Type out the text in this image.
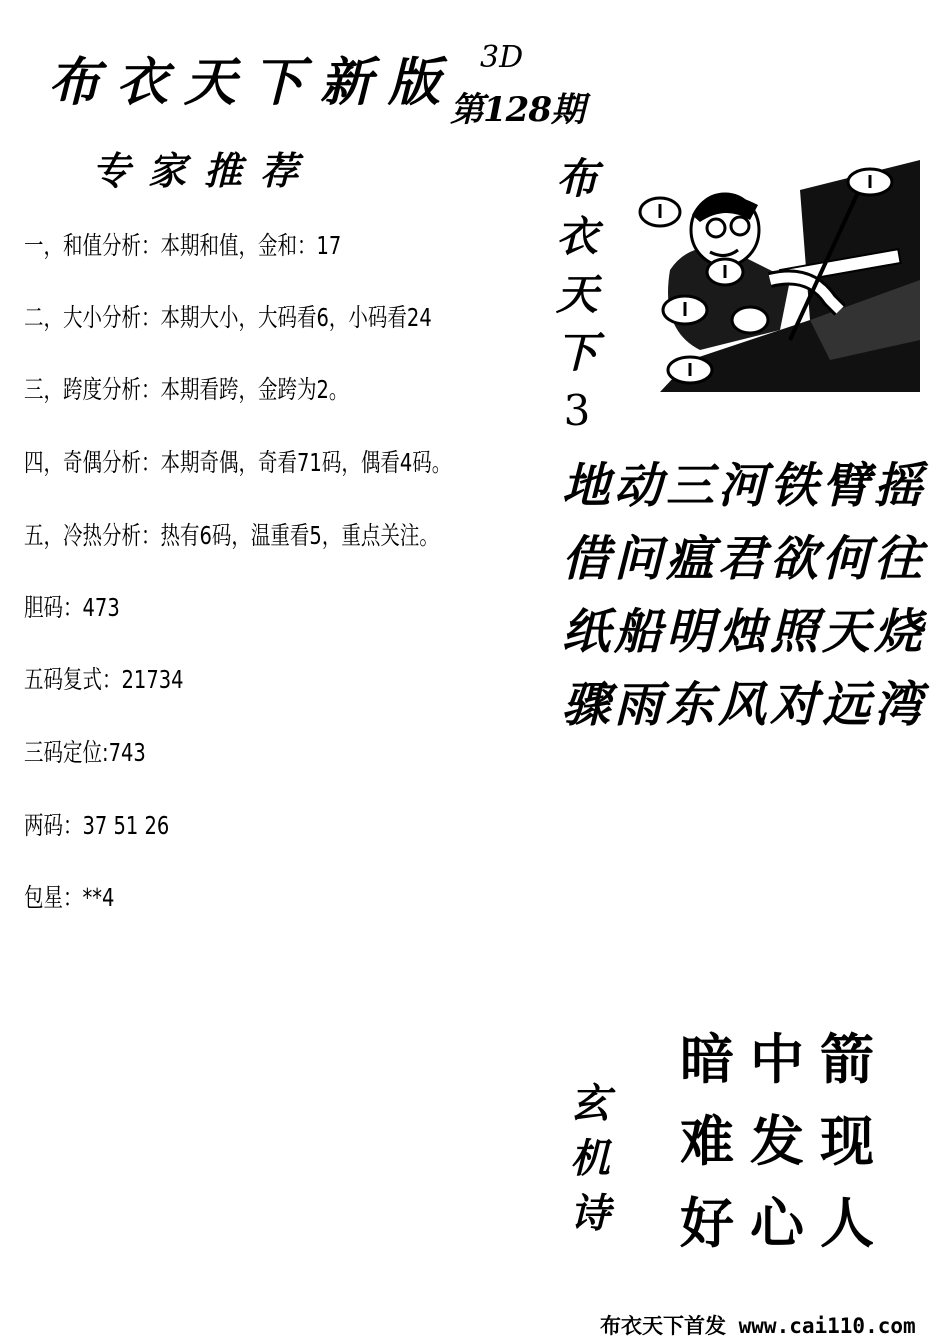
布衣天下新版 3D
第128期
专家推荐
一，和值分析：本期和值，金和：17
二，大小分析：本期大小，大码看6，小码看24
三，跨度分析：本期看跨，金跨为2。
四，奇偶分析：本期奇偶，奇看71码，偶看4码。
五，冷热分析：热有6码，温重看5，重点关注。
胆码：473
五码复式：21734
三码定位:743
两码：37 51 26
包星：**4
布
衣
天
下
3
地动三河铁臂摇
借问瘟君欲何往
纸船明烛照天烧
骤雨东风对远湾
玄
机
诗
暗中箭
难发现
好心人
布衣天下首发 www.cai110.com
